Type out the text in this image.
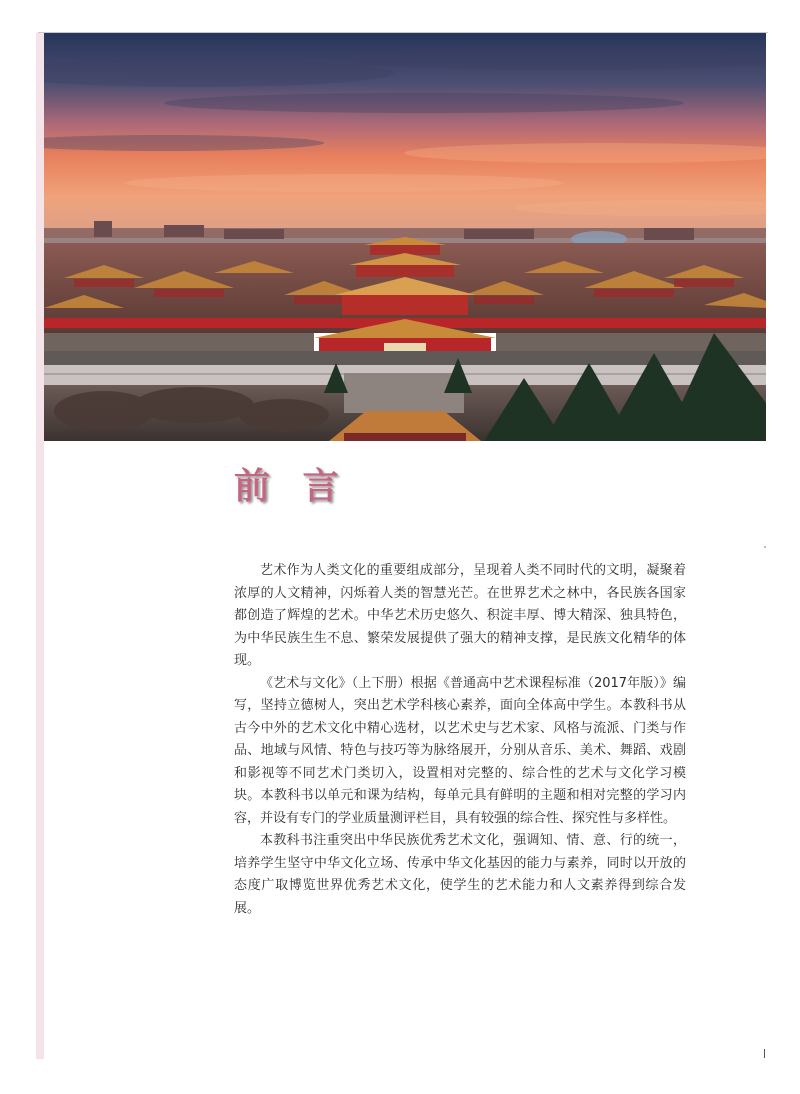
前 言

艺术作为人类文化的重要组成部分，呈现着人类不同时代的文明，凝聚着浓厚的人文精神，闪烁着人类的智慧光芒。在世界艺术之林中，各民族各国家都创造了辉煌的艺术。中华艺术历史悠久、积淀丰厚、博大精深、独具特色，为中华民族生生不息、繁荣发展提供了强大的精神支撑，是民族文化精华的体现。

《艺术与文化》（上下册）根据《普通高中艺术课程标准（2017年版）》编写，坚持立德树人，突出艺术学科核心素养，面向全体高中学生。本教科书从古今中外的艺术文化中精心选材，以艺术史与艺术家、风格与流派、门类与作品、地域与风情、特色与技巧等为脉络展开，分别从音乐、美术、舞蹈、戏剧和影视等不同艺术门类切入，设置相对完整的、综合性的艺术与文化学习模块。本教科书以单元和课为结构，每单元具有鲜明的主题和相对完整的学习内容，并设有专门的学业质量测评栏目，具有较强的综合性、探究性与多样性。

本教科书注重突出中华民族优秀艺术文化，强调知、情、意、行的统一，培养学生坚守中华文化立场、传承中华文化基因的能力与素养，同时以开放的态度广取博览世界优秀艺术文化，使学生的艺术能力和人文素养得到综合发展。
